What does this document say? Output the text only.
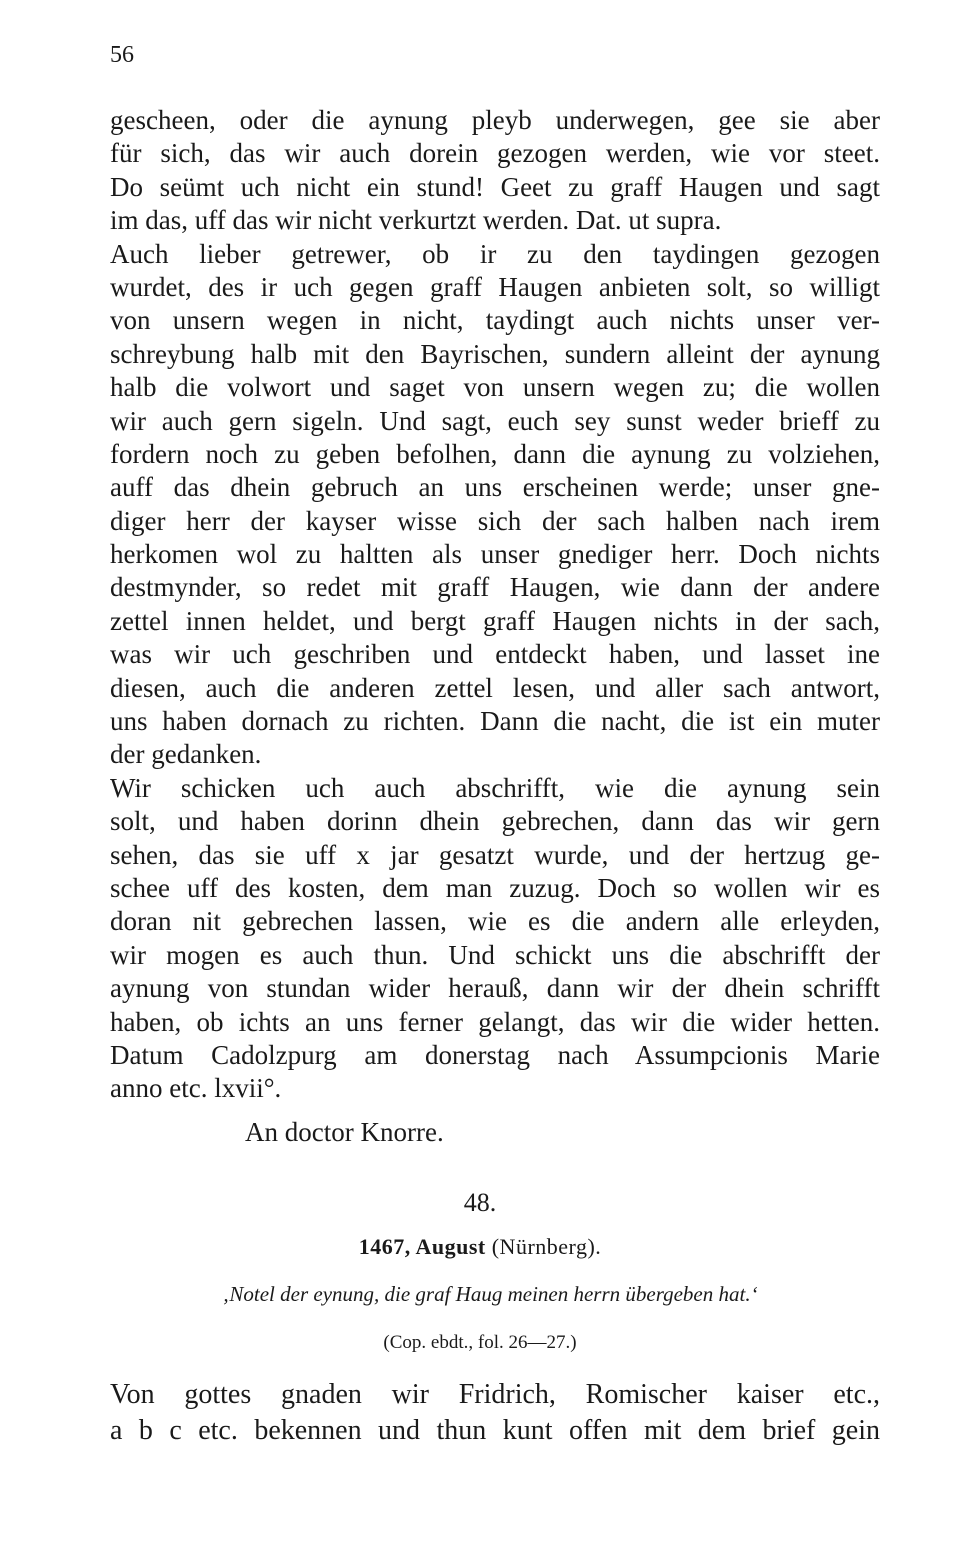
56
gescheen, oder die aynung pleyb underwegen, gee sie aber
für sich, das wir auch dorein gezogen werden, wie vor steet.
Do seümt uch nicht ein stund! Geet zu graff Haugen und sagt
im das, uff das wir nicht verkurtzt werden. Dat. ut supra.
Auch lieber getrewer, ob ir zu den taydingen gezogen
wurdet, des ir uch gegen graff Haugen anbieten solt, so willigt
von unsern wegen in nicht, taydingt auch nichts unser ver-
schreybung halb mit den Bayrischen, sundern alleint der aynung
halb die volwort und saget von unsern wegen zu; die wollen
wir auch gern sigeln. Und sagt, euch sey sunst weder brieff zu
fordern noch zu geben befolhen, dann die aynung zu volziehen,
auff das dhein gebruch an uns erscheinen werde; unser gne-
diger herr der kayser wisse sich der sach halben nach irem
herkomen wol zu haltten als unser gnediger herr. Doch nichts
destmynder, so redet mit graff Haugen, wie dann der andere
zettel innen heldet, und bergt graff Haugen nichts in der sach,
was wir uch geschriben und entdeckt haben, und lasset ine
diesen, auch die anderen zettel lesen, und aller sach antwort,
uns haben dornach zu richten. Dann die nacht, die ist ein muter
der gedanken.
Wir schicken uch auch abschrifft, wie die aynung sein
solt, und haben dorinn dhein gebrechen, dann das wir gern
sehen, das sie uff x jar gesatzt wurde, und der hertzug ge-
schee uff des kosten, dem man zuzug. Doch so wollen wir es
doran nit gebrechen lassen, wie es die andern alle erleyden,
wir mogen es auch thun. Und schickt uns die abschrifft der
aynung von stundan wider herauß, dann wir der dhein schrifft
haben, ob ichts an uns ferner gelangt, das wir die wider hetten.
Datum Cadolzpurg am donerstag nach Assumpcionis Marie
anno etc. lxvii°.
An doctor Knorre.
48.
1467, August (Nürnberg).
‚Notel der eynung, die graf Haug meinen herrn übergeben hat.‘
(Cop. ebdt., fol. 26—27.)
Von gottes gnaden wir Fridrich, Romischer kaiser etc.,
a b c etc. bekennen und thun kunt offen mit dem brief gein
